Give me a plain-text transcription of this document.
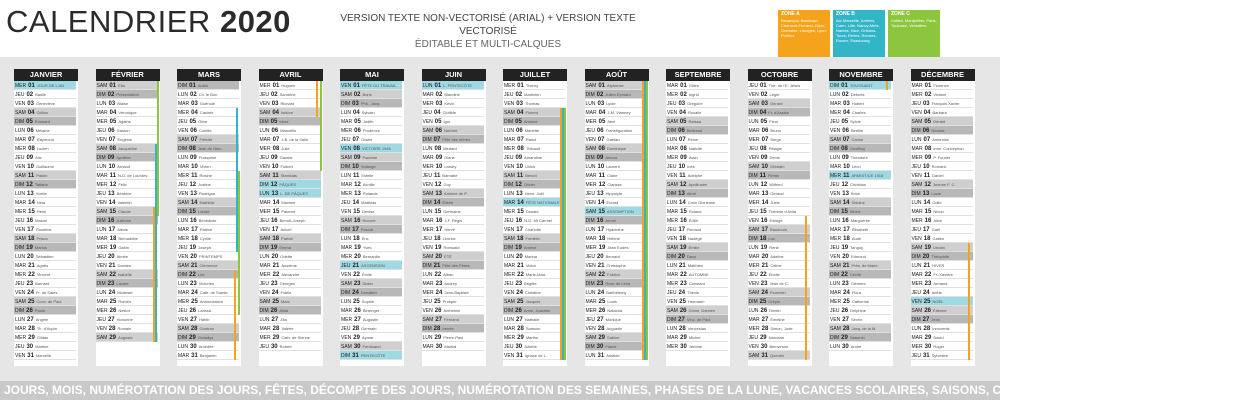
CALENDRIER 2020	VERSION TEXTE NON-VECTORISÉ (ARIAL) + VERSION TEXTE VECTORISÉ
ÉDITABLE ET MULTI-CALQUES
ZONE A
Besançon, Bordeaux, Clermont-Ferrand, Dijon, Grenoble, Limoges, Lyon, Poitiers
ZONE B
Aix-Marseille, Amiens, Caen, Lille, Nancy-Metz, Nantes, Nice, Orléans-Tours, Reims, Rennes, Rouen, Strasbourg
ZONE C
Créteil, Montpellier, Paris, Toulouse, Versailles
JANVIER
MER 01 JOUR DE L'AN
JEU 02 Basile
VEN 03 Geneviève
SAM 04 Odilon
DIM 05 Édouard
LUN 06 Mélaine
MAR 07 Raymond
MER 08 Lucien
JEU 09 Alix
VEN 10 Guillaume
SAM 11 Paulin
DIM 12 Tatiana
LUN 13 Yvette
MAR 14 Nina
MER 15 Rémi
JEU 16 Marcel
VEN 17 Roseline
SAM 18 Prisca
DIM 19 Marius
LUN 20 Sébastien
MAR 21 Agnès
MER 22 Vincent
JEU 23 Barnard
VEN 24 Fr. de Sales
SAM 25 Conv. de Paul
DIM 26 Paule
LUN 27 Angèle
MAR 28 Th. d'Aquin
MER 29 Gildas
JEU 30 Martine
VEN 31 Marcelle
FÉVRIER
SAM 01 Ella
DIM 02 Présentation
LUN 03 Blaise
MAR 04 Véronique
MER 05 Agathe
JEU 06 Gaston
VEN 07 Eugénie
SAM 08 Jacqueline
DIM 09 Apolline
LUN 10 Arnaud
MAR 11 N-D. de Lourdes
MER 12 Félix
JEU 13 Béatrice
VEN 14 Valentin
SAM 15 Claude
DIM 16 Julienne
LUN 17 Alexis
MAR 18 Bernadette
MER 19 Gabin
JEU 20 Aimée
VEN 21 Damien
SAM 22 Isabelle
DIM 23 Lazare
LUN 24 Modeste
MAR 25 Roméo
MER 26 Nestor
JEU 27 Honorine
VEN 28 Romain
SAM 29 Auguste
MARS
DIM 01 Aubin
LUN 02 Ch. le Bon
MAR 03 Guénolé
MER 04 Casimir
JEU 05 Olive
VEN 06 Colette
SAM 07 Félicité
DIM 08 Jean de Dieu
LUN 09 Françoise
MAR 10 Vivien
MER 11 Rosine
JEU 12 Justine
VEN 13 Rodrigue
SAM 14 Mathilde
DIM 15 Louise
LUN 16 Bénédicte
MAR 17 Patrice
MER 18 Cyrille
JEU 19 Joseph
VEN 20 PRINTEMPS
SAM 21 Clémence
DIM 22 Léa
LUN 23 Victorien
MAR 24 Cath. de Suède
MER 25 Annonciation
JEU 26 Larissa
VEN 27 Habib
SAM 28 Gontran
DIM 29 Gwladys
LUN 30 Amédée
MAR 31 Benjamin
AVRIL
MER 01 Hugues
JEU 02 Sandrine
VEN 03 Richard
SAM 04 Isidore
DIM 05 Irène
LUN 06 Marcellin
MAR 07 J-B. de la Salle
MER 08 Julie
JEU 09 Gautier
VEN 10 Fulbert
SAM 11 Stanislas
DIM 12 PÂQUES
LUN 13 L. DE PÂQUES
MAR 14 Maxime
MER 15 Paterne
JEU 16 Benoît-Joseph
VEN 17 Anicet
SAM 18 Parfait
DIM 19 Emma
LUN 20 Odette
MAR 21 Anselme
MER 22 Alexandre
JEU 23 Georges
VEN 24 Fidèle
SAM 25 Marc
DIM 26 Alida
LUN 27 Zita
MAR 28 Valérie
MER 29 Cath. de Sienne
JEU 30 Robert
MAI
VEN 01 FÊTE DU TRAVAIL
SAM 02 Boris
DIM 03 Phil., Jacq.
LUN 04 Sylvain
MAR 05 Judith
MER 06 Prudence
JEU 07 Gisèle
VEN 08 VICTOIRE 1945
SAM 09 Pacôme
DIM 10 Solange
LUN 11 Estelle
MAR 12 Achille
MER 13 Rolande
JEU 14 Matthias
VEN 15 Denise
SAM 16 Honoré
DIM 17 Pascal
LUN 18 Éric
MAR 19 Yves
MER 20 Bernardin
JEU 21 ASCENSION
VEN 22 Émile
SAM 23 Didier
DIM 24 Donatien
LUN 25 Sophie
MAR 26 Bérenger
MER 27 Augustin
JEU 28 Germain
VEN 29 Aymar
SAM 30 Ferdinand
DIM 31 PENTECÔTE
JUIN
LUN 01 L. PENTECÔTE
MAR 02 Blandine
MER 03 Kévin
JEU 04 Clotilde
VEN 05 Igor
SAM 06 Norbert
DIM 07 Fête des mères
LUN 08 Médard
MAR 09 Diane
MER 10 Landry
JEU 11 Barnabé
VEN 12 Guy
SAM 13 Antoine de P.
DIM 14 Élisée
LUN 15 Germaine
MAR 16 J-F. Régis
MER 17 Hervé
JEU 18 Léonce
VEN 19 Romuald
SAM 20 ÉTÉ
DIM 21 Fête des Pères
LUN 22 Alban
MAR 23 Audrey
MER 24 Jean-Baptiste
JEU 25 Prosper
VEN 26 Anthelme
SAM 27 Fernand
DIM 28 Irénée
LUN 29 Pierre-Paul
MAR 30 Martial
JUILLET
MER 01 Thierry
JEU 02 Martinien
VEN 03 Thomas
SAM 04 Florent
DIM 05 Antoine
LUN 06 Mariette
MAR 07 Raoul
MER 08 Thibault
JEU 09 Amandine
VEN 10 Ulrich
SAM 11 Benoît
DIM 12 Olivier
LUN 13 Henri, Joël
MAR 14 FÊTE NATIONALE
MER 15 Donald
JEU 16 N-D. Mt Carmel
VEN 17 Charlotte
SAM 18 Frédéric
DIM 19 Arsène
LUN 20 Marina
MAR 21 Victor
MER 22 Marie-Mad.
JEU 23 Brigitte
VEN 24 Christine
SAM 25 Jacques
DIM 26 Anne, Joachim
LUN 27 Nathalie
MAR 28 Samson
MER 29 Marthe
JEU 30 Juliette
VEN 31 Ignace de L.
AOÛT
SAM 01 Alphonse
DIM 02 Julien Eymard
LUN 03 Lydie
MAR 04 J-M. Vianney
MER 05 Abel
JEU 06 Transfiguration
VEN 07 Gaétan
SAM 08 Dominique
DIM 09 Amour
LUN 10 Laurent
MAR 11 Claire
MER 12 Clarisse
JEU 13 Hippolyte
VEN 14 Evrard
SAM 15 ASSOMPTION
DIM 16 Armel
LUN 17 Hyacinthe
MAR 18 Hélène
MER 19 Jean Eudes
JEU 20 Bernard
VEN 21 Christophe
SAM 22 Fabrice
DIM 23 Rose de Lima
LUN 24 Barthélemy
MAR 25 Louis
MER 26 Natacha
JEU 27 Monique
VEN 28 Augustin
SAM 29 Sabine
DIM 30 Fiacre
LUN 31 Aristide
SEPTEMBRE
MAR 01 Gilles
MER 02 Ingrid
JEU 03 Grégoire
VEN 04 Rosalie
SAM 05 Raïssa
DIM 06 Bertrand
LUN 07 Reine
MAR 08 Nativité
MER 09 Alain
JEU 10 Inès
VEN 11 Adelphe
SAM 12 Apollinaire
DIM 13 Aimé
LUN 14 Croix Glorieuse
MAR 15 Roland
MER 16 Édith
JEU 17 Renaud
VEN 18 Nadège
SAM 19 Émilie
DIM 20 Davy
LUN 21 Matthieu
MAR 22 AUTOMNE
MER 23 Constant
JEU 24 Thècle
VEN 25 Hermann
SAM 26 Côme, Damien
DIM 27 Vinc. de Paul
LUN 28 Venceslas
MAR 29 Michel
MER 30 Jérôme
OCTOBRE
JEU 01 Thé. de l'E. Jésus
VEN 02 Léger
SAM 03 Gérard
DIM 04 Fr. d'Assise
LUN 05 Fleur
MAR 06 Bruno
MER 07 Serge
JEU 08 Pélagie
VEN 09 Denis
SAM 10 Ghislain
DIM 11 Firmin
LUN 12 Wilfried
MAR 13 Géraud
MER 14 Juste
JEU 15 Thérèse d'Avila
VEN 16 Edwige
SAM 17 Baudouin
DIM 18 Luc
LUN 19 René
MAR 20 Adeline
MER 21 Céline
JEU 22 Élodie
VEN 23 Jean de C.
SAM 24 Florentin
DIM 25 Crépin
LUN 26 Dimitri
MAR 27 Émeline
MER 28 Simon, Jude
JEU 29 Narcisse
VEN 30 Bienvenue
SAM 31 Quentin
NOVEMBRE
DIM 01 TOUSSAINT
LUN 02 Défunts
MAR 03 Hubert
MER 04 Charles
JEU 05 Sylvie
VEN 06 Bertille
SAM 07 Carine
DIM 08 Geoffroy
LUN 09 Théodore
MAR 10 Léon
MER 11 ARMISTICE 1918
JEU 12 Christian
VEN 13 Brice
SAM 14 Sidoine
DIM 15 Albert
LUN 16 Marguerite
MAR 17 Élisabeth
MER 18 Aude
JEU 19 Tanguy
VEN 20 Edmond
SAM 21 Prés. de Marie
DIM 22 Cécile
LUN 23 Clément
MAR 24 Flora
MER 25 Catherine
JEU 26 Delphine
VEN 27 Sévrin
SAM 28 Jacq. de la M.
DIM 29 Saturnin
LUN 30 André
DÉCEMBRE
MAR 01 Florence
MER 02 Viviane
JEU 03 François Xavier
VEN 04 Barbara
SAM 05 Gérald
DIM 06 Nicolas
LUN 07 Ambroise
MAR 08 Imm. Conception
MER 09 P. Fourier
JEU 10 Romaric
VEN 11 Daniel
SAM 12 Jeanne F. C.
DIM 13 Lucie
LUN 14 Odile
MAR 15 Ninon
MER 16 Alice
JEU 17 Gaël
VEN 18 Gatien
SAM 19 Urbain
DIM 20 Théophile
LUN 21 HIVER
MAR 22 Fr.-Xavière
MER 23 Armand
JEU 24 Adèle
VEN 25 NOËL
SAM 26 Étienne
DIM 27 Jean
LUN 28 Innocents
MAR 29 David
MER 30 Roger
JEU 31 Sylvestre
JOURS, MOIS, NUMÉROTATION DES JOURS, FÊTES, DÉCOMPTE DES JOURS, NUMÉROTATION DES SEMAINES, PHASES DE LA LUNE, VACANCES SCOLAIRES, SAISONS, CHANGEMENT D'HEURE, JOURS FÉRIÉS.
